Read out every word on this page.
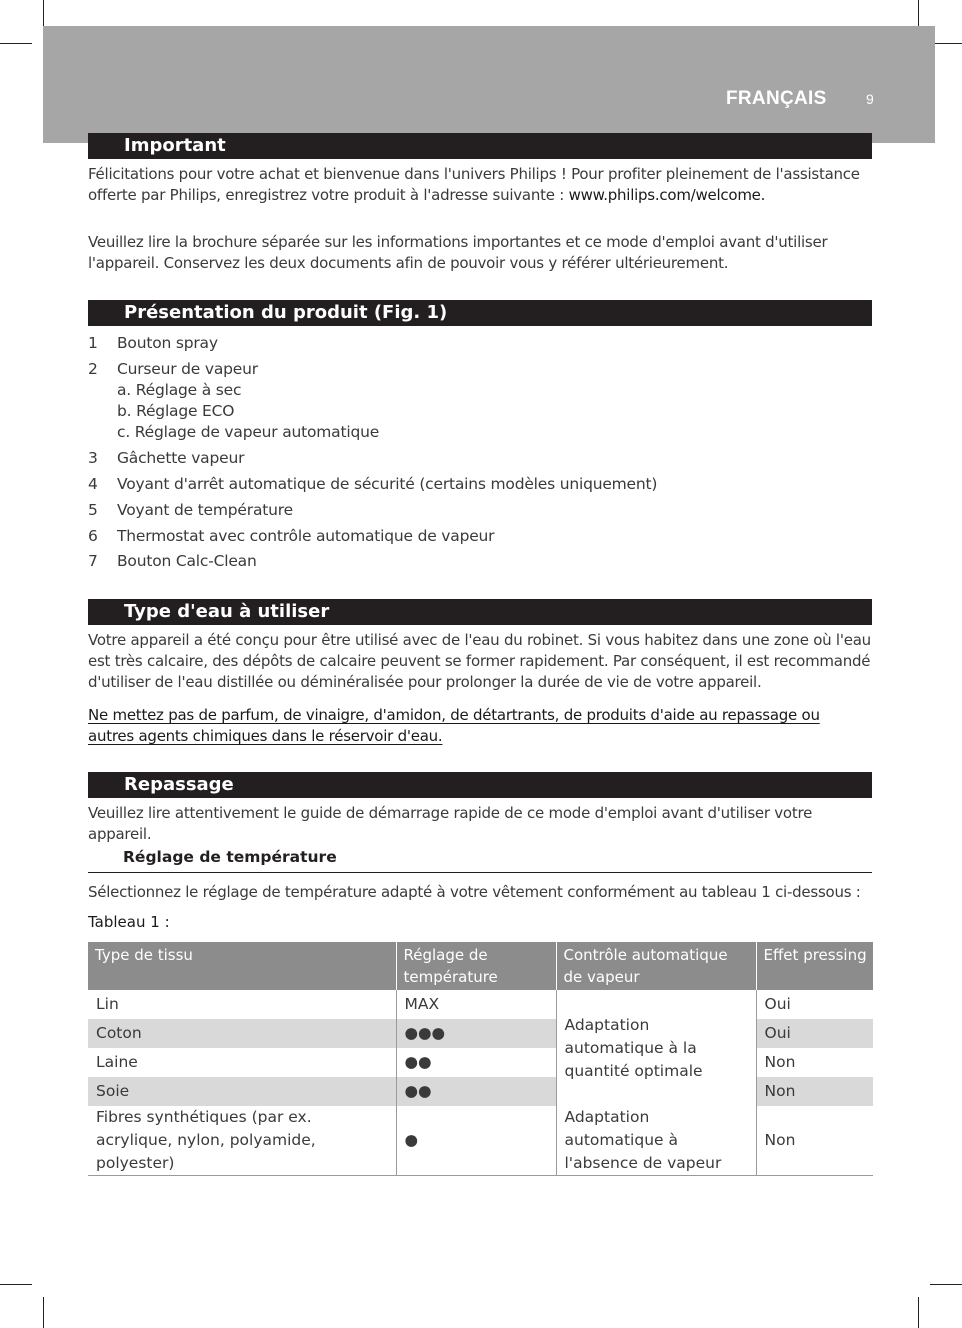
FRANÇAIS	9
Important
Félicitations pour votre achat et bienvenue dans l'univers Philips ! Pour profiter pleinement de l'assistance offerte par Philips, enregistrez votre produit à l'adresse suivante : www.philips.com/welcome.
Veuillez lire la brochure séparée sur les informations importantes et ce mode d'emploi avant d'utiliser l'appareil. Conservez les deux documents afin de pouvoir vous y référer ultérieurement.
Présentation du produit (Fig. 1)
1	Bouton spray
2	Curseur de vapeur
a. Réglage à sec
b. Réglage ECO
c. Réglage de vapeur automatique
3	Gâchette vapeur
4	Voyant d'arrêt automatique de sécurité (certains modèles uniquement)
5	Voyant de température
6	Thermostat avec contrôle automatique de vapeur
7	Bouton Calc-Clean
Type d'eau à utiliser
Votre appareil a été conçu pour être utilisé avec de l'eau du robinet. Si vous habitez dans une zone où l'eau est très calcaire, des dépôts de calcaire peuvent se former rapidement. Par conséquent, il est recommandé d'utiliser de l'eau distillée ou déminéralisée pour prolonger la durée de vie de votre appareil.
Ne mettez pas de parfum, de vinaigre, d'amidon, de détartrants, de produits d'aide au repassage ou autres agents chimiques dans le réservoir d'eau.
Repassage
Veuillez lire attentivement le guide de démarrage rapide de ce mode d'emploi avant d'utiliser votre appareil.
Réglage de température
Sélectionnez le réglage de température adapté à votre vêtement conformément au tableau 1 ci-dessous :
Tableau 1 :
Type de tissu	Réglage de température	Contrôle automatique de vapeur	Effet pressing
Lin	MAX	Adaptation automatique à la quantité optimale	Oui
Coton	●●●		Oui
Laine	●●		Non
Soie	●●		Non
Fibres synthétiques (par ex. acrylique, nylon, polyamide, polyester)	●	Adaptation automatique à l'absence de vapeur	Non
